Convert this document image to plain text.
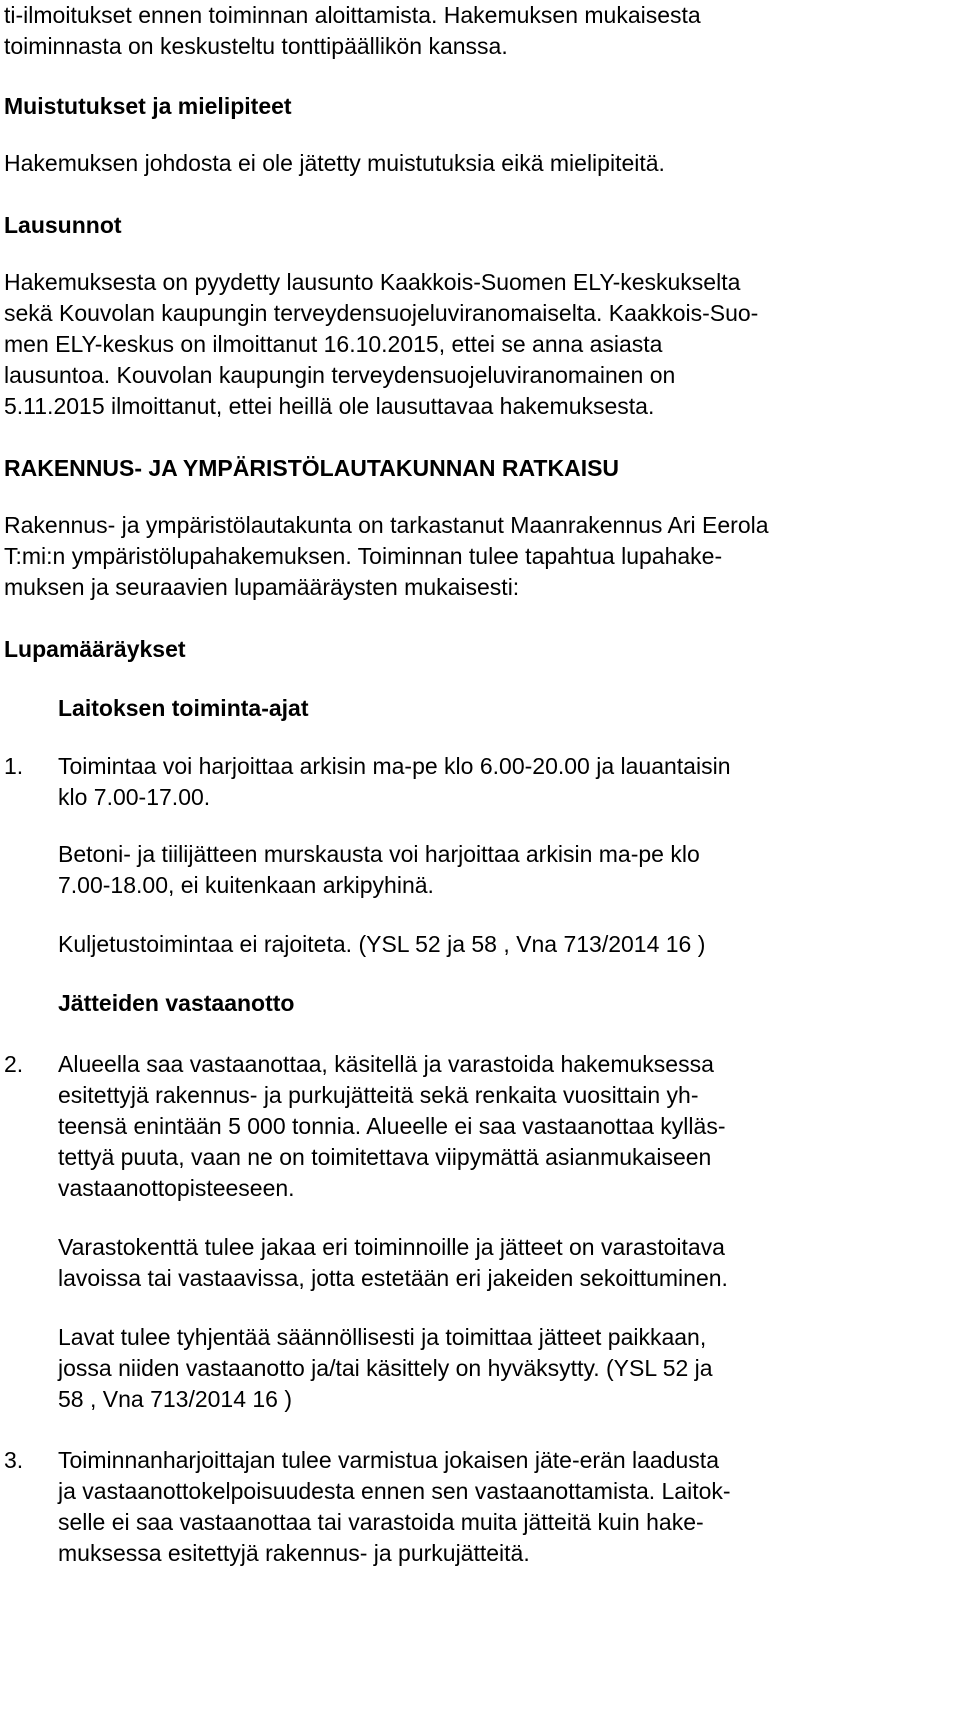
ti-ilmoitukset ennen toiminnan aloittamista. Hakemuksen mukaisesta
toiminnasta on keskusteltu tonttipäällikön kanssa.
Muistutukset ja mielipiteet
Hakemuksen johdosta ei ole jätetty muistutuksia eikä mielipiteitä.
Lausunnot
Hakemuksesta on pyydetty lausunto Kaakkois-Suomen ELY-keskukselta
sekä Kouvolan kaupungin terveydensuojeluviranomaiselta. Kaakkois-Suo-
men ELY-keskus on ilmoittanut 16.10.2015, ettei se anna asiasta
lausuntoa. Kouvolan kaupungin terveydensuojeluviranomainen on
5.11.2015 ilmoittanut, ettei heillä ole lausuttavaa hakemuksesta.
RAKENNUS- JA YMPÄRISTÖLAUTAKUNNAN RATKAISU
Rakennus- ja ympäristölautakunta on tarkastanut Maanrakennus Ari Eerola
T:mi:n ympäristölupahakemuksen. Toiminnan tulee tapahtua lupahake-
muksen ja seuraavien lupamääräysten mukaisesti:
Lupamääräykset
Laitoksen toiminta-ajat
1. Toimintaa voi harjoittaa arkisin ma-pe klo 6.00-20.00 ja lauantaisin
klo 7.00-17.00.
Betoni- ja tiilijätteen murskausta voi harjoittaa arkisin ma-pe klo
7.00-18.00, ei kuitenkaan arkipyhinä.
Kuljetustoimintaa ei rajoiteta. (YSL 52 ja 58 , Vna 713/2014 16 )
Jätteiden vastaanotto
2. Alueella saa vastaanottaa, käsitellä ja varastoida hakemuksessa
esitettyjä rakennus- ja purkujätteitä sekä renkaita vuosittain yh-
teensä enintään 5 000 tonnia. Alueelle ei saa vastaanottaa kylläs-
tettyä puuta, vaan ne on toimitettava viipymättä asianmukaiseen
vastaanottopisteeseen.
Varastokenttä tulee jakaa eri toiminnoille ja jätteet on varastoitava
lavoissa tai vastaavissa, jotta estetään eri jakeiden sekoittuminen.
Lavat tulee tyhjentää säännöllisesti ja toimittaa jätteet paikkaan,
jossa niiden vastaanotto ja/tai käsittely on hyväksytty. (YSL 52 ja
58 , Vna 713/2014 16 )
3. Toiminnanharjoittajan tulee varmistua jokaisen jäte-erän laadusta
ja vastaanottokelpoisuudesta ennen sen vastaanottamista. Laitok-
selle ei saa vastaanottaa tai varastoida muita jätteitä kuin hake-
muksessa esitettyjä rakennus- ja purkujätteitä.
